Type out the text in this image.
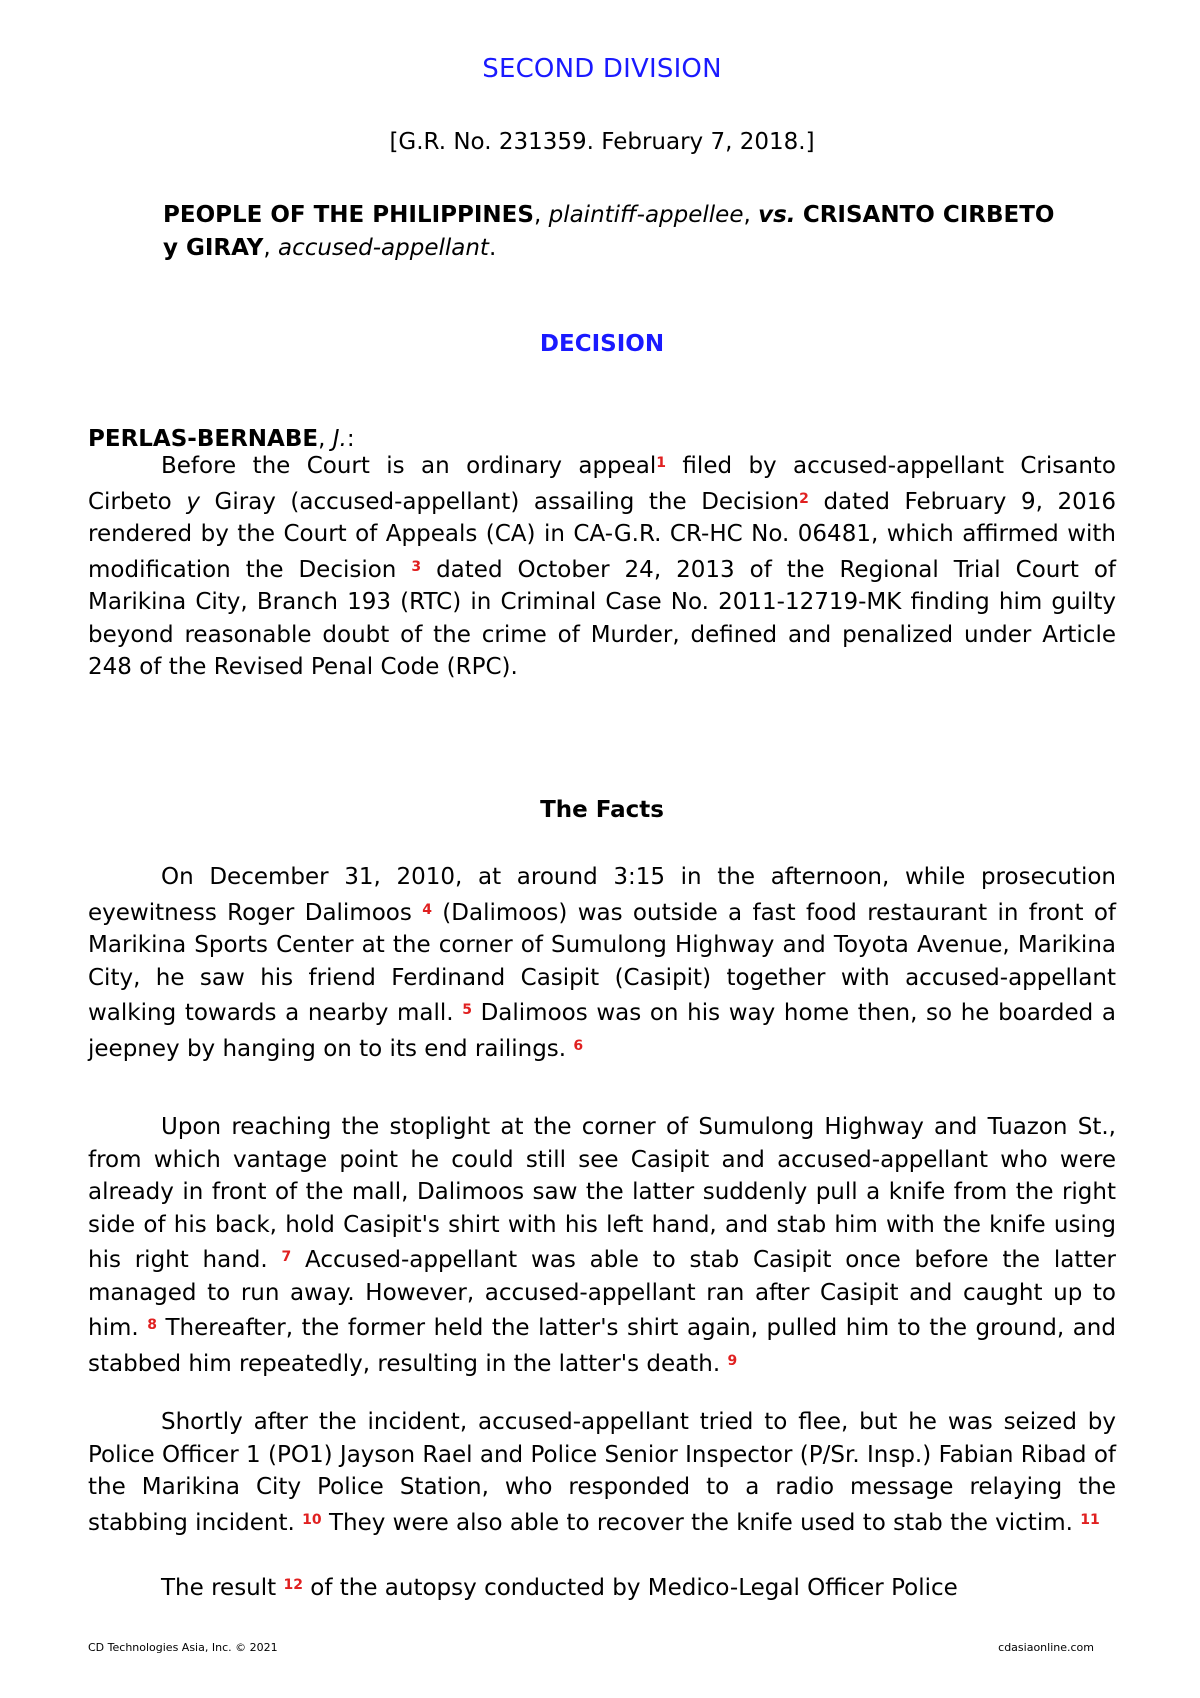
SECOND DIVISION
[G.R. No. 231359. February 7, 2018.]
PEOPLE OF THE PHILIPPINES, plaintiff-appellee, vs. CRISANTO CIRBETO y GIRAY, accused-appellant.
DECISION
PERLAS-BERNABE, J.:

Before the Court is an ordinary appeal$^1$ filed by accused-appellant Crisanto Cirbeto y Giray (accused-appellant) assailing the Decision$^2$ dated February 9, 2016 rendered by the Court of Appeals (CA) in CA-G.R. CR-HC No. 06481, which affirmed with modification the Decision $^3$ dated October 24, 2013 of the Regional Trial Court of Marikina City, Branch 193 (RTC) in Criminal Case No. 2011-12719-MK finding him guilty beyond reasonable doubt of the crime of Murder, defined and penalized under Article 248 of the Revised Penal Code (RPC).

The Facts

On December 31, 2010, at around 3:15 in the afternoon, while prosecution eyewitness Roger Dalimoos $^4$ (Dalimoos) was outside a fast food restaurant in front of Marikina Sports Center at the corner of Sumulong Highway and Toyota Avenue, Marikina City, he saw his friend Ferdinand Casipit (Casipit) together with accused-appellant walking towards a nearby mall. $^5$ Dalimoos was on his way home then, so he boarded a jeepney by hanging on to its end railings. $^6$

Upon reaching the stoplight at the corner of Sumulong Highway and Tuazon St., from which vantage point he could still see Casipit and accused-appellant who were already in front of the mall, Dalimoos saw the latter suddenly pull a knife from the right side of his back, hold Casipit's shirt with his left hand, and stab him with the knife using his right hand. $^7$ Accused-appellant was able to stab Casipit once before the latter managed to run away. However, accused-appellant ran after Casipit and caught up to him. $^8$ Thereafter, the former held the latter's shirt again, pulled him to the ground, and stabbed him repeatedly, resulting in the latter's death. $^9$

Shortly after the incident, accused-appellant tried to flee, but he was seized by Police Officer 1 (PO1) Jayson Rael and Police Senior Inspector (P/Sr. Insp.) Fabian Ribad of the Marikina City Police Station, who responded to a radio message relaying the stabbing incident. $^{10}$ They were also able to recover the knife used to stab the victim. $^{11}$

The result $^{12}$ of the autopsy conducted by Medico-Legal Officer Police

CD Technologies Asia, Inc. © 2021	cdasiaonline.com
